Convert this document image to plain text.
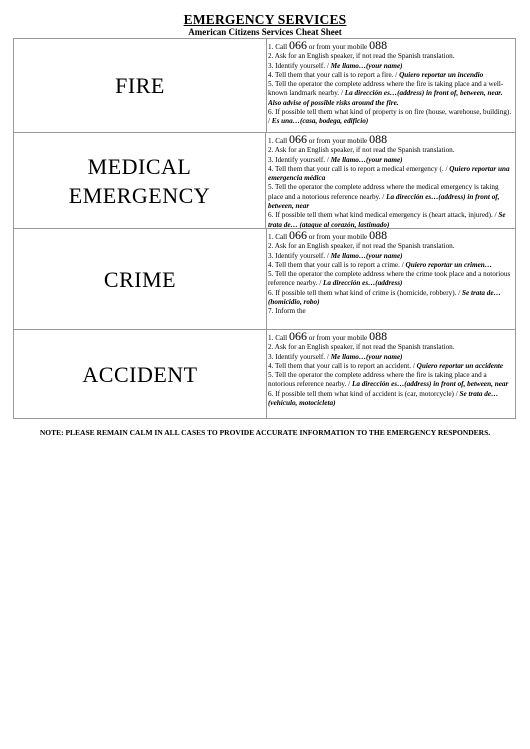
EMERGENCY SERVICES
American Citizens Services Cheat Sheet
FIRE

1. Call 066 or from your mobile 088

2. Ask for an English speaker, if not read the Spanish translation.

3. Identify yourself. / Me llamo…(your name)

4. Tell them that your call is to report a fire. / Quiero reportar un incendio

5. Tell the operator the complete address where the fire is taking place and a well-known landmark nearby. / La dirección es…(address) in front of, between, near. Also advise of possible risks around the fire.

6. If possible tell them what kind of property is on fire (house, warehouse, building). / Es una…(casa, bodega, edificio)

MEDICAL EMERGENCY

1. Call 066 or from your mobile 088

2. Ask for an English speaker, if not read the Spanish translation.

3. Identify yourself. / Me llamo…(your name)

4. Tell them that your call is to report a medical emergency (. / Quiero reportar una emergencia médica

5. Tell the operator the complete address where the medical emergency is taking place and a notorious reference nearby. / La dirección es…(address) in front of, between, near

6. If possible tell them what kind medical emergency is (heart attack, injured). / Se trata de… (ataque al corazón, lastimado)

CRIME

1. Call 066 or from your mobile 088

2. Ask for an English speaker, if not read the Spanish translation.

3. Identify yourself. / Me llamo…(your name)

4. Tell them that your call is to report a crime. / Quiero reportar un crimen…

5. Tell the operator the complete address where the crime took place and a notorious reference nearby. / La dirección es…(address)

6. If possible tell them what kind of crime is (homicide, robbery). / Se trata de… (homicidio, robo)

7. Inform the

ACCIDENT

1. Call 066 or from your mobile 088

2. Ask for an English speaker, if not read the Spanish translation.

3. Identify yourself. / Me llamo…(your name)

4. Tell them that your call is to report an accident. / Quiero reportar un accidente

5. Tell the operator the complete address where the fire is taking place and a notorious reference nearby. / La dirección es…(address) in front of, between, near

6. If possible tell them what kind of accident is (car, motorcycle) / Se trata de… (vehículo, motocicleta)

NOTE: PLEASE REMAIN CALM IN ALL CASES TO PROVIDE ACCURATE INFORMATION TO THE EMERGENCY RESPONDERS.
